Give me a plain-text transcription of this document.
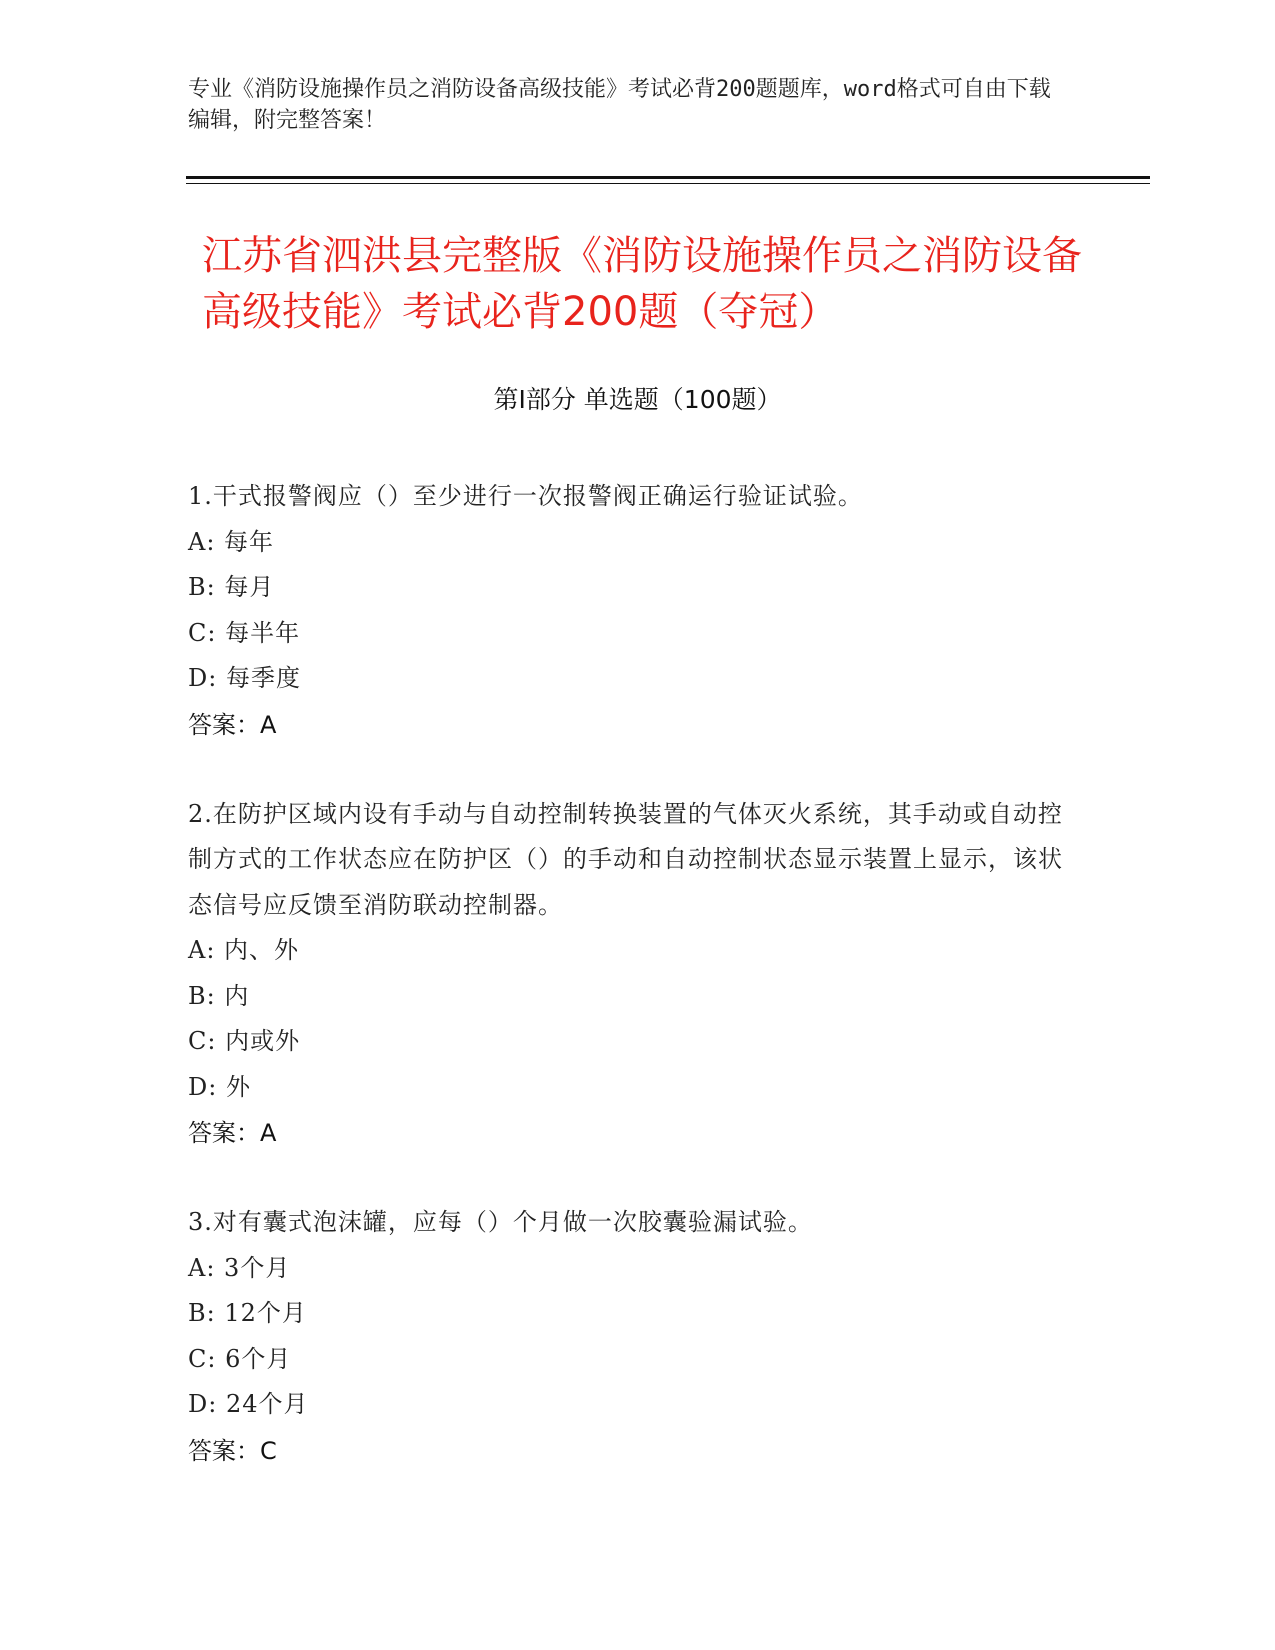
专业《消防设施操作员之消防设备高级技能》考试必背200题题库，word格式可自由下载编辑，附完整答案！

江苏省泗洪县完整版《消防设施操作员之消防设备高级技能》考试必背200题（夺冠）
第I部分 单选题（100题）

1.干式报警阀应（）至少进行一次报警阀正确运行验证试验。

A: 每年

B: 每月

C: 每半年

D: 每季度

答案：A

2.在防护区域内设有手动与自动控制转换装置的气体灭火系统，其手动或自动控制方式的工作状态应在防护区（）的手动和自动控制状态显示装置上显示，该状态信号应反馈至消防联动控制器。

A: 内、外

B: 内

C: 内或外

D: 外

答案：A

3.对有囊式泡沫罐，应每（）个月做一次胶囊验漏试验。

A: 3个月

B: 12个月

C: 6个月

D: 24个月

答案：C
